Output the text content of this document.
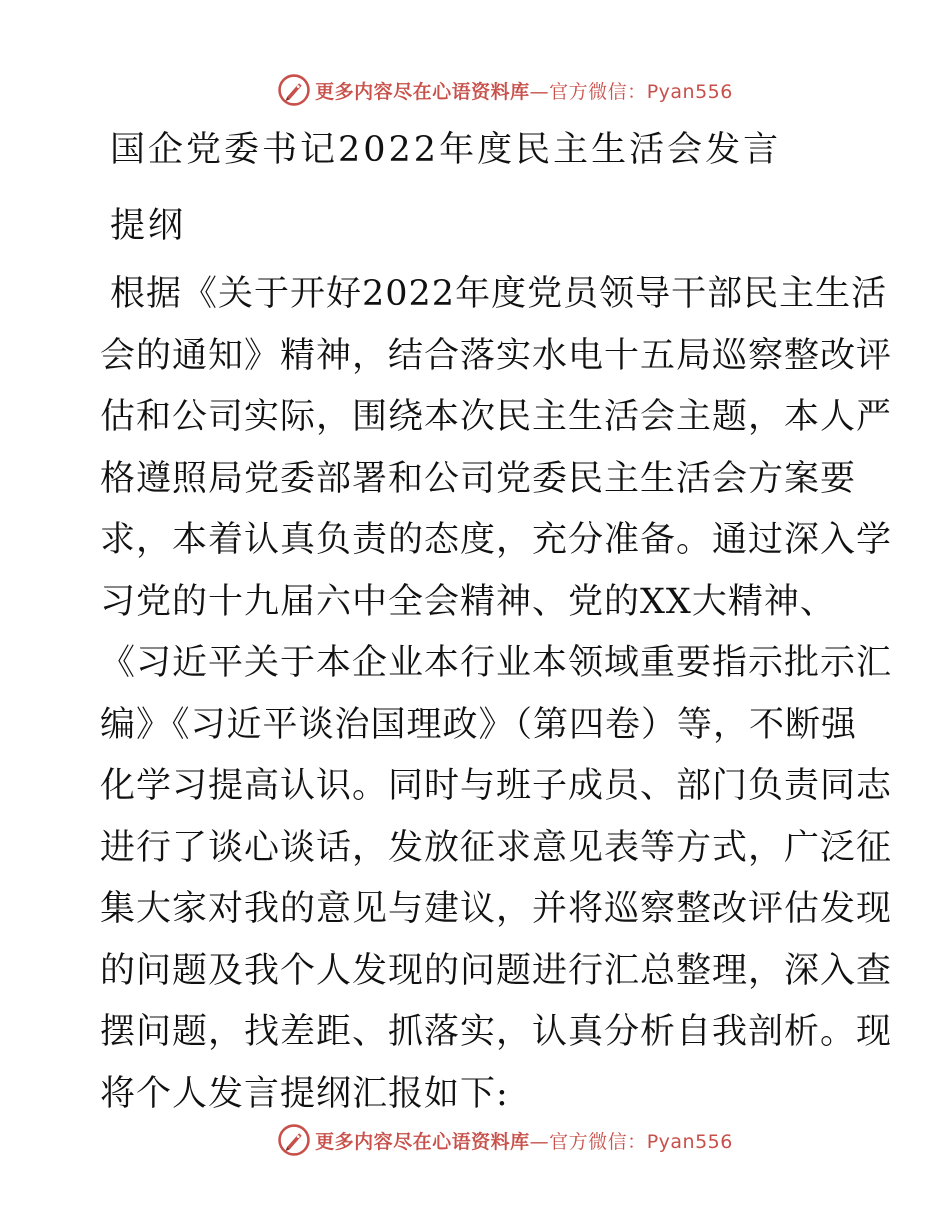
更多内容尽在心语资料库—官方微信：Pyan556
国企党委书记2022年度民主生活会发言
提纲
根据《关于开好2022年度党员领导干部民主生活
会的通知》精神，结合落实水电十五局巡察整改评
估和公司实际，围绕本次民主生活会主题，本人严
格遵照局党委部署和公司党委民主生活会方案要
求，本着认真负责的态度，充分准备。通过深入学
习党的十九届六中全会精神、党的XX大精神、
《习近平关于本企业本行业本领域重要指示批示汇
编》《习近平谈治国理政》（第四卷）等，不断强
化学习提高认识。同时与班子成员、部门负责同志
进行了谈心谈话，发放征求意见表等方式，广泛征
集大家对我的意见与建议，并将巡察整改评估发现
的问题及我个人发现的问题进行汇总整理，深入查
摆问题，找差距、抓落实，认真分析自我剖析。现
将个人发言提纲汇报如下:
更多内容尽在心语资料库—官方微信：Pyan556
